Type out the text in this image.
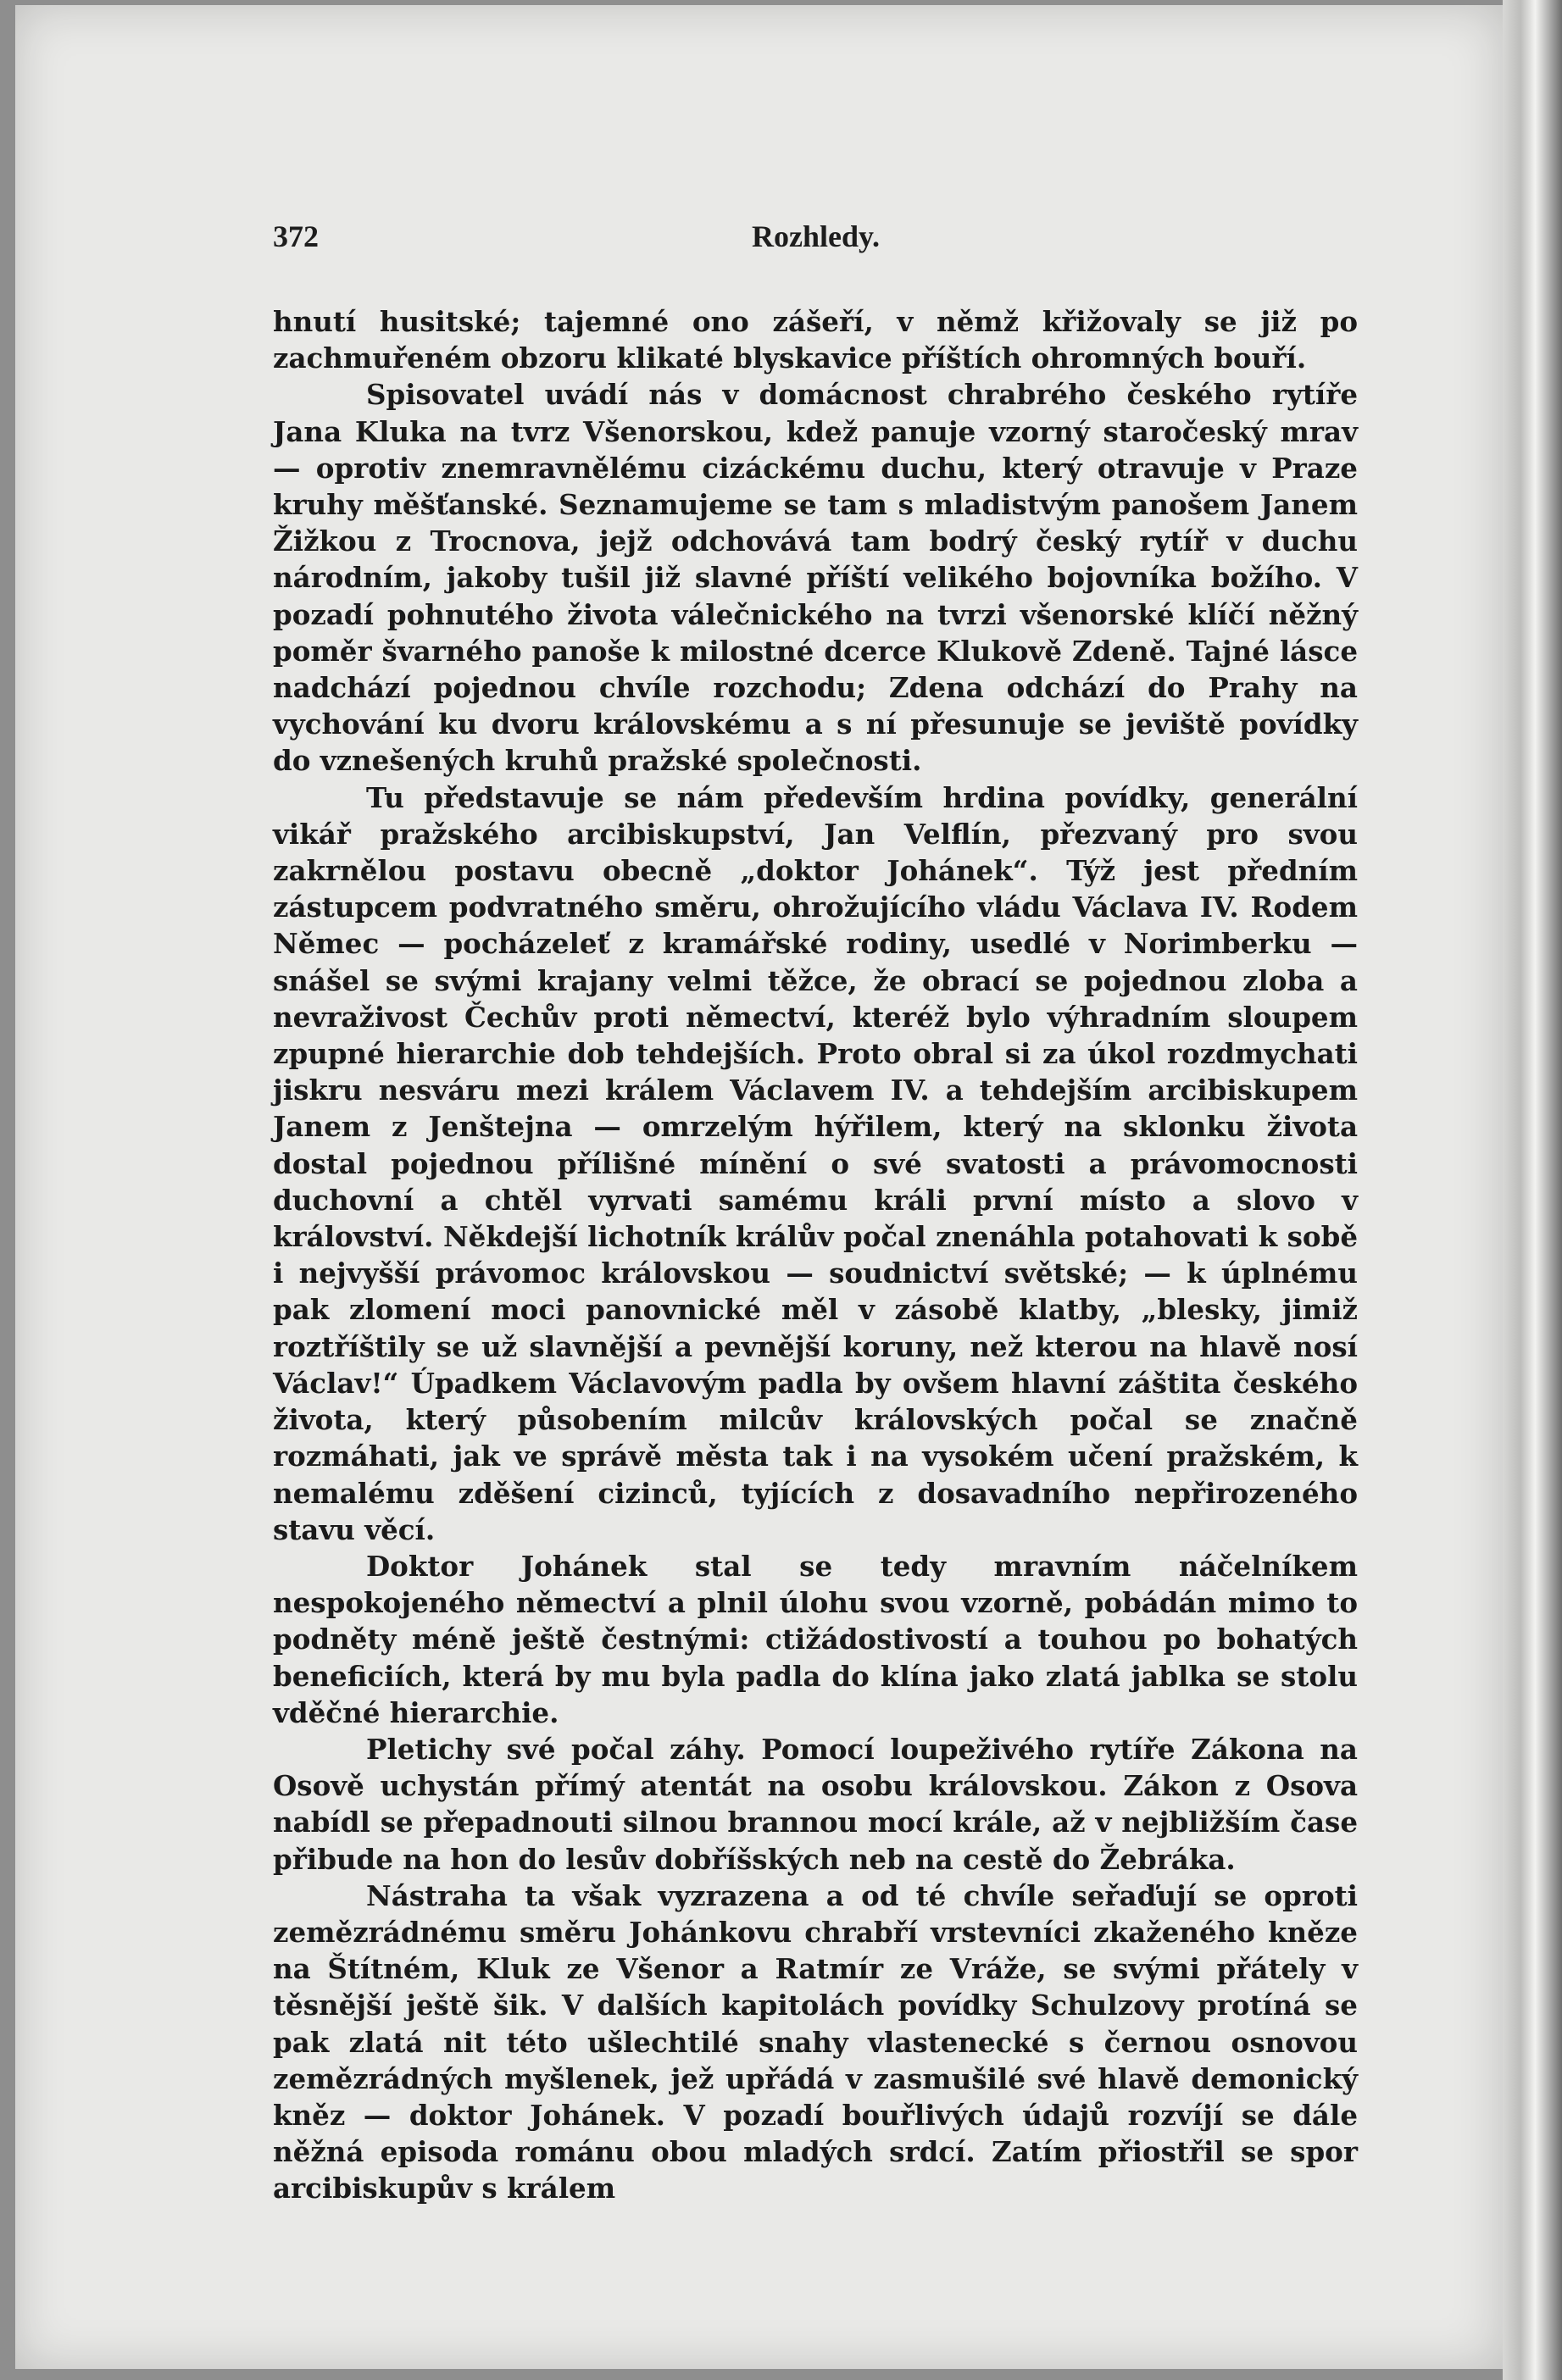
372	Rozhledy.

hnutí husitské; tajemné ono zášeří, v němž křižovaly se již po zachmuřeném obzoru klikaté blyskavice příštích ohromných bouří.

Spisovatel uvádí nás v domácnost chrabrého českého rytíře Jana Kluka na tvrz Všenorskou, kdež panuje vzorný staročeský mrav — oprotiv znemravnělému cizáckému duchu, který otravuje v Praze kruhy měšťanské. Seznamujeme se tam s mladistvým panošem Janem Žižkou z Trocnova, jejž odchovává tam bodrý český rytíř v duchu národním, jakoby tušil již slavné příští velikého bojovníka božího. V pozadí pohnutého života válečnického na tvrzi všenorské klíčí něžný poměr švarného panoše k milostné dcerce Klukově Zdeně. Tajné lásce nadchází pojednou chvíle rozchodu; Zdena odchází do Prahy na vychování ku dvoru královskému a s ní přesunuje se jeviště povídky do vznešených kruhů pražské společnosti.

Tu představuje se nám především hrdina povídky, generální vikář pražského arcibiskupství, Jan Velflín, přezvaný pro svou zakrnělou postavu obecně „doktor Johánek“. Týž jest předním zástupcem podvratného směru, ohrožujícího vládu Václava IV. Rodem Němec — pocházeleť z kramářské rodiny, usedlé v Norimberku — snášel se svými krajany velmi těžce, že obrací se pojednou zloba a nevraživost Čechův proti němectví, kteréž bylo výhradním sloupem zpupné hierarchie dob tehdejších. Proto obral si za úkol rozdmychati jiskru nesváru mezi králem Václavem IV. a tehdejším arcibiskupem Janem z Jenštejna — omrzelým hýřilem, který na sklonku života dostal pojednou přílišné mínění o své svatosti a právomocnosti duchovní a chtěl vyrvati samému králi první místo a slovo v království. Někdejší lichotník králův počal znenáhla potahovati k sobě i nejvyšší právomoc královskou — soudnictví světské; — k úplnému pak zlomení moci panovnické měl v zásobě klatby, „blesky, jimiž roztříštily se už slavnější a pevnější koruny, než kterou na hlavě nosí Václav!“ Úpadkem Václavovým padla by ovšem hlavní záštita českého života, který působením milcův královských počal se značně rozmáhati, jak ve správě města tak i na vysokém učení pražském, k nemalému zděšení cizinců, tyjících z dosavadního nepřirozeného stavu věcí.

Doktor Johánek stal se tedy mravním náčelníkem nespokojeného němectví a plnil úlohu svou vzorně, pobádán mimo to podněty méně ještě čestnými: ctižádostivostí a touhou po bohatých beneficiích, která by mu byla padla do klína jako zlatá jablka se stolu vděčné hierarchie.

Pletichy své počal záhy. Pomocí loupeživého rytíře Zákona na Osově uchystán přímý atentát na osobu královskou. Zákon z Osova nabídl se přepadnouti silnou brannou mocí krále, až v nejbližším čase přibude na hon do lesův dobříšských neb na cestě do Žebráka.

Nástraha ta však vyzrazena a od té chvíle seřaďují se oproti zemězrádnému směru Johánkovu chrabří vrstevníci zkaženého kněze na Štítném, Kluk ze Všenor a Ratmír ze Vráže, se svými přátely v těsnější ještě šik. V dalších kapitolách povídky Schulzovy protíná se pak zlatá nit této ušlechtilé snahy vlastenecké s černou osnovou zemězrádných myšlenek, jež upřádá v zasmušilé své hlavě demonický kněz — doktor Johánek. V pozadí bouřlivých údajů rozvíjí se dále něžná episoda románu obou mladých srdcí. Zatím přiostřil se spor arcibiskupův s králem
